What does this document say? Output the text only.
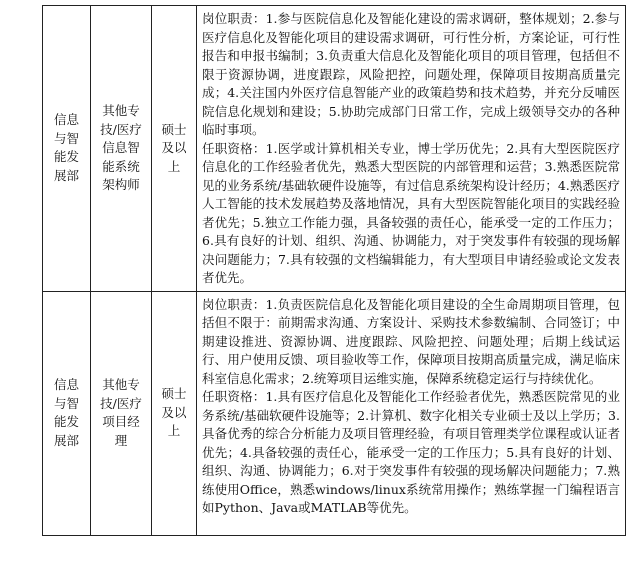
信息与智能发展部	其他专技/医疗信息智能系统架构师	硕士及以上	岗位职责：1.参与医院信息化及智能化建设的需求调研，整体规划；2.参与医疗信息化及智能化项目的建设需求调研，可行性分析，方案论证，可行性报告和申报书编制；3.负责重大信息化及智能化项目的项目管理，包括但不限于资源协调，进度跟踪，风险把控，问题处理，保障项目按期高质量完成；4.关注国内外医疗信息智能产业的政策趋势和技术趋势，并充分反哺医院信息化规划和建设；5.协助完成部门日常工作，完成上级领导交办的各种临时事项。

任职资格：1.医学或计算机相关专业，博士学历优先；2.具有大型医院医疗信息化的工作经验者优先，熟悉大型医院的内部管理和运营；3.熟悉医院常见的业务系统/基础软硬件设施等，有过信息系统架构设计经历；4.熟悉医疗人工智能的技术发展趋势及落地情况，具有大型医院智能化项目的实践经验者优先；5.独立工作能力强，具备较强的责任心，能承受一定的工作压力；6.具有良好的计划、组织、沟通、协调能力，对于突发事件有较强的现场解决问题能力；7.具有较强的文档编辑能力，有大型项目申请经验或论文发表者优先。

信息与智能发展部	其他专技/医疗项目经理	硕士及以上	岗位职责：1.负责医院信息化及智能化项目建设的全生命周期项目管理，包括但不限于：前期需求沟通、方案设计、采购技术参数编制、合同签订；中期建设推进、资源协调、进度跟踪、风险把控、问题处理；后期上线试运行、用户使用反馈、项目验收等工作，保障项目按期高质量完成，满足临床科室信息化需求；2.统筹项目运维实施，保障系统稳定运行与持续优化。

任职资格：1.具有医疗信息化及智能化工作经验者优先，熟悉医院常见的业务系统/基础软硬件设施等；2.计算机、数字化相关专业硕士及以上学历；3.具备优秀的综合分析能力及项目管理经验，有项目管理类学位课程或认证者优先；4.具备较强的责任心，能承受一定的工作压力；5.具有良好的计划、组织、沟通、协调能力；6.对于突发事件有较强的现场解决问题能力；7.熟练使用Office，熟悉windows/linux系统常用操作；熟练掌握一门编程语言如Python、Java或MATLAB等优先。
